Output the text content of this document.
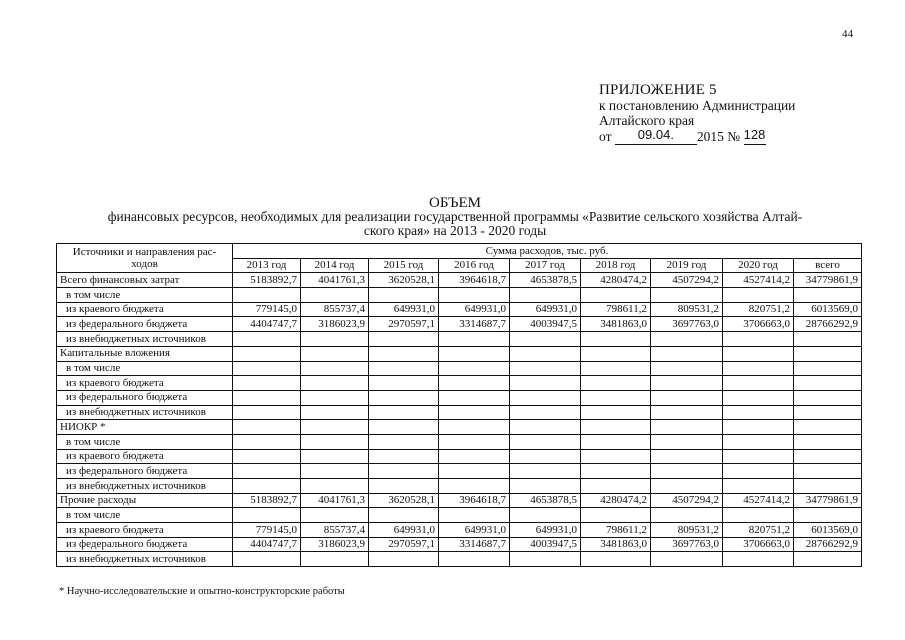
44
ПРИЛОЖЕНИЕ 5
к постановлению Администрации
Алтайского края
от 09.04. 2015 № 128
ОБЪЕМ
финансовых ресурсов, необходимых для реализации государственной программы «Развитие сельского хозяйства Алтай-
ского края» на 2013 - 2020 годы
Источники и направления рас-ходов	Сумма расходов, тыс. руб.								
	2013 год	2014 год	2015 год	2016 год	2017 год	2018 год	2019 год	2020 год	всего
Всего финансовых затрат	5183892,7	4041761,3	3620528,1	3964618,7	4653878,5	4280474,2	4507294,2	4527414,2	34779861,9
в том числе									
из краевого бюджета	779145,0	855737,4	649931,0	649931,0	649931,0	798611,2	809531,2	820751,2	6013569,0
из федерального бюджета	4404747,7	3186023,9	2970597,1	3314687,7	4003947,5	3481863,0	3697763,0	3706663,0	28766292,9
из внебюджетных источников									
Капитальные вложения									
в том числе									
из краевого бюджета									
из федерального бюджета									
из внебюджетных источников									
НИОКР *									
в том числе									
из краевого бюджета									
из федерального бюджета									
из внебюджетных источников									
Прочие расходы	5183892,7	4041761,3	3620528,1	3964618,7	4653878,5	4280474,2	4507294,2	4527414,2	34779861,9
в том числе									
из краевого бюджета	779145,0	855737,4	649931,0	649931,0	649931,0	798611,2	809531,2	820751,2	6013569,0
из федерального бюджета	4404747,7	3186023,9	2970597,1	3314687,7	4003947,5	3481863,0	3697763,0	3706663,0	28766292,9
из внебюджетных источников									
* Научно-исследовательские и опытно-конструкторские работы
